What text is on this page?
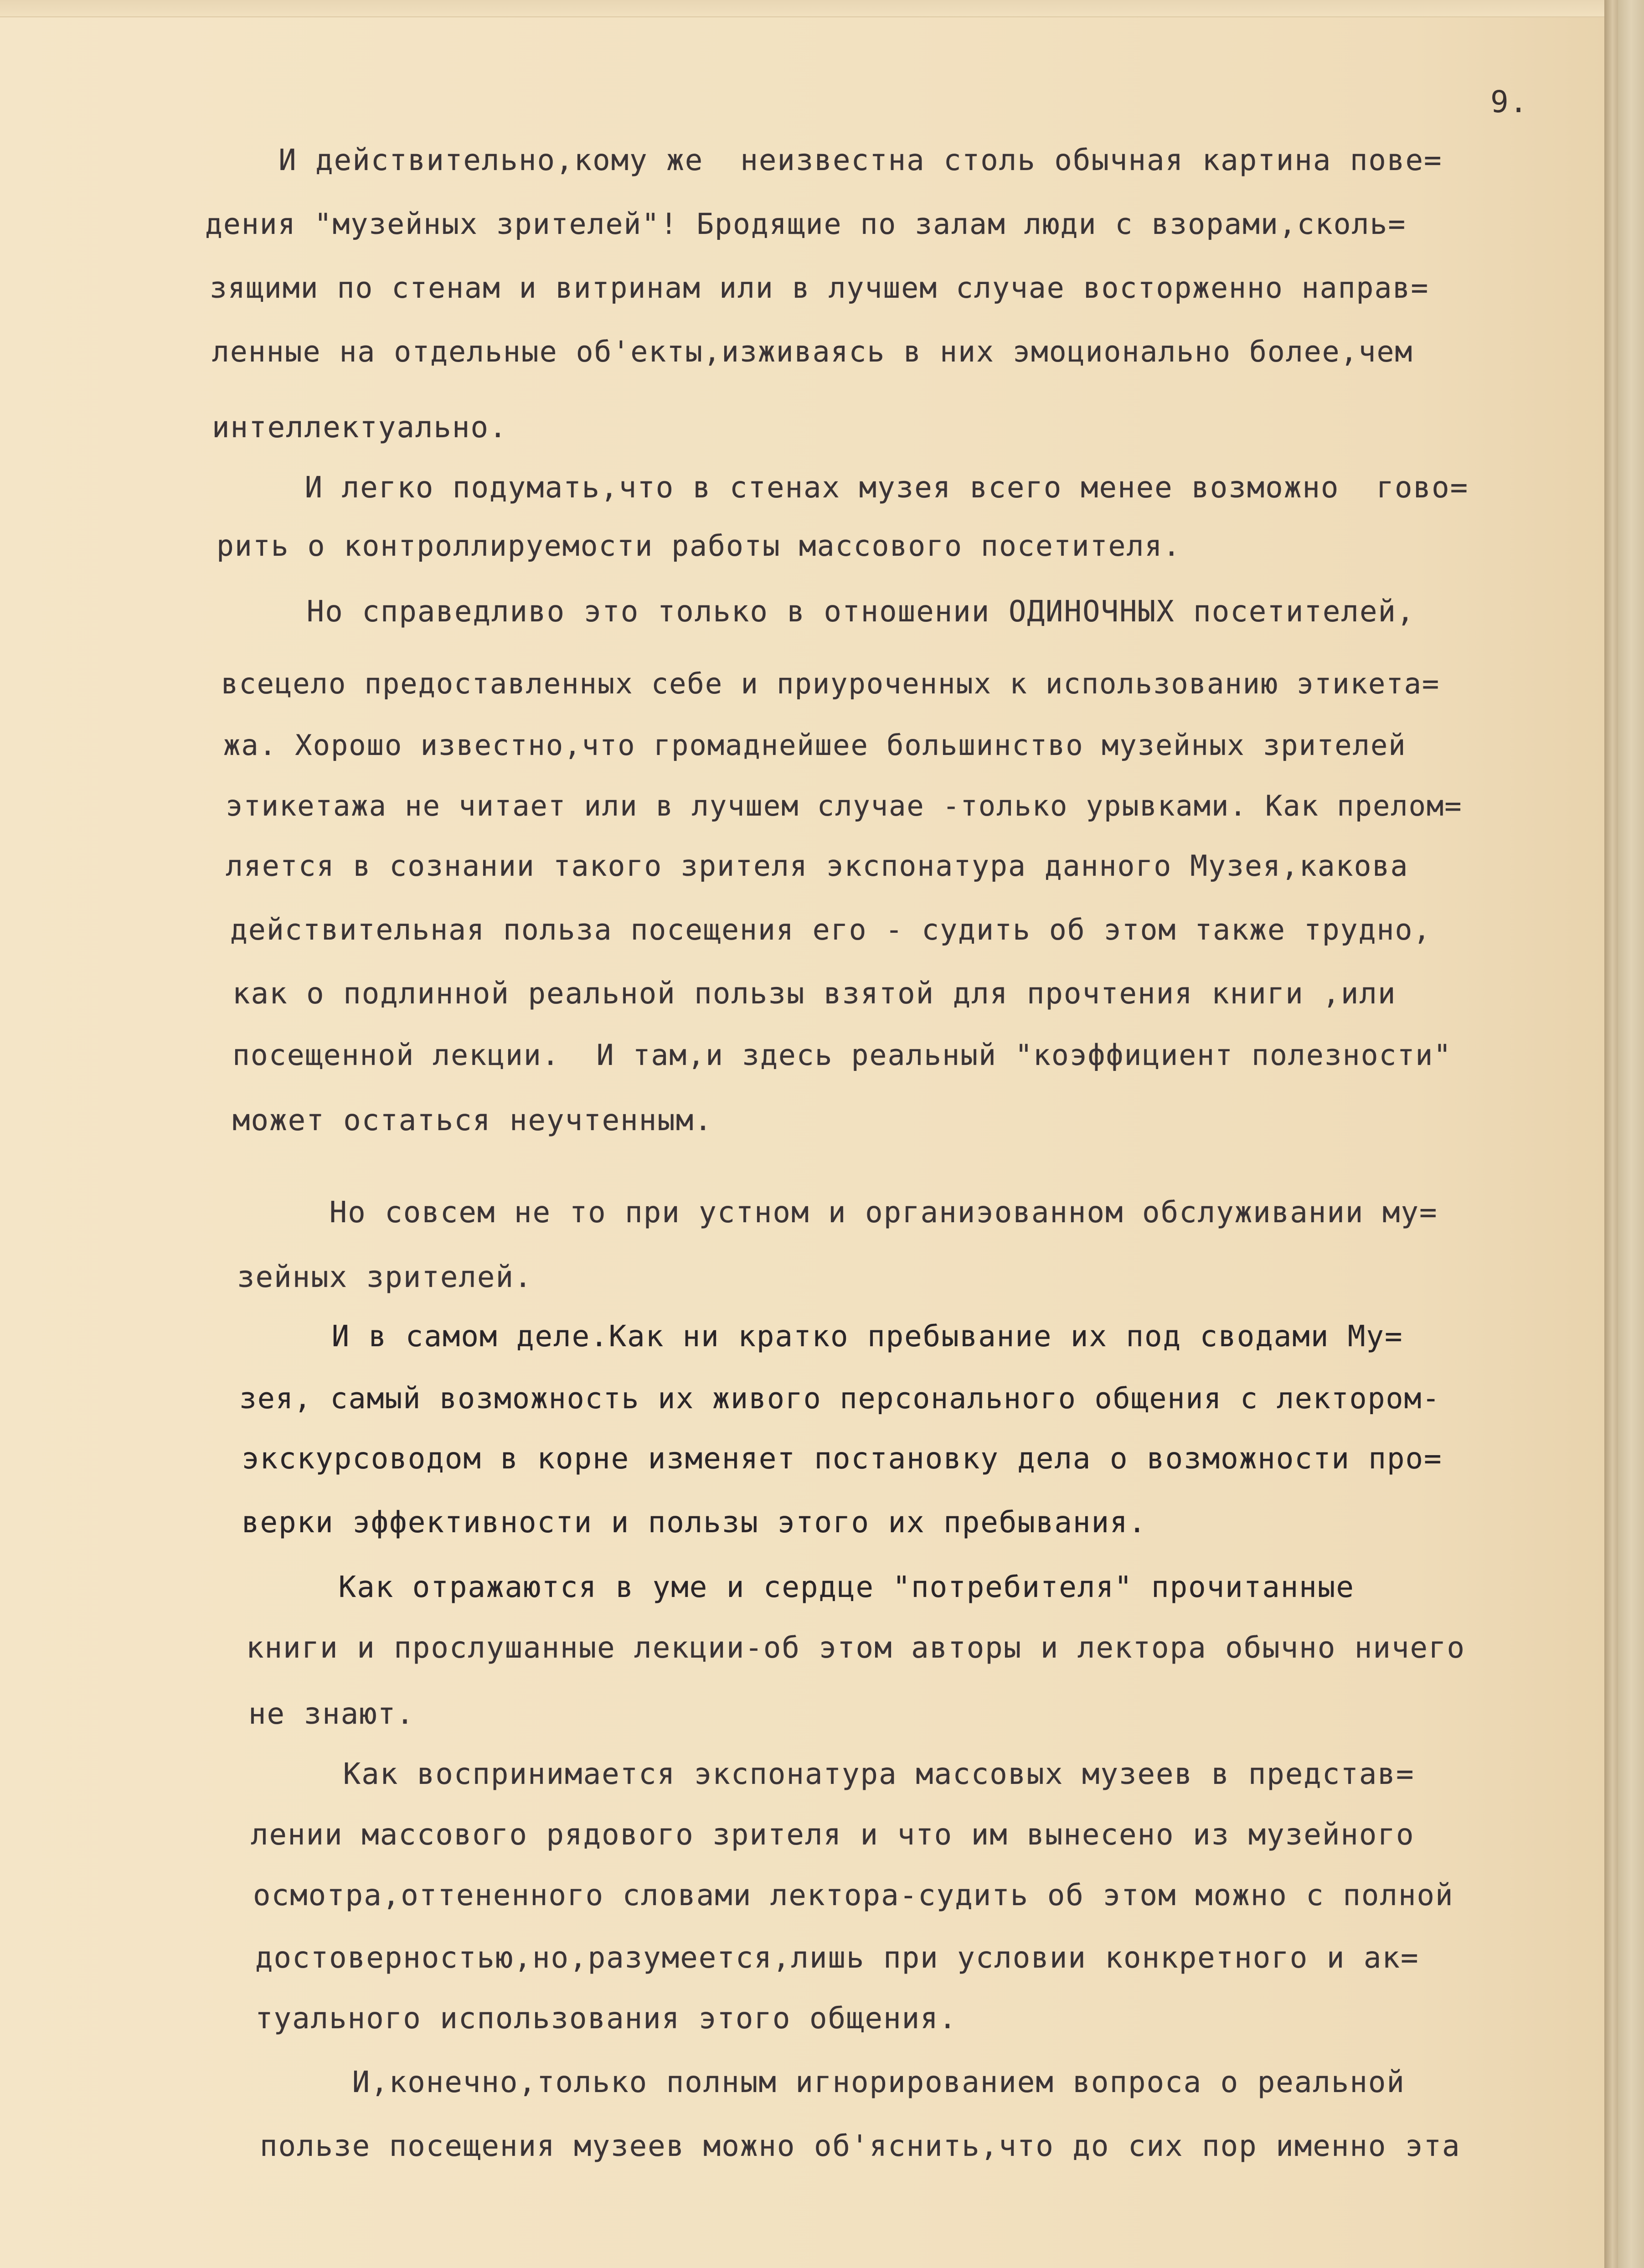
9.
И действительно,кому же  неизвестна столь обычная картина пове=
дения "музейных зрителей"! Бродящие по залам люди с взорами,сколь=
зящими по стенам и витринам или в лучшем случае восторженно направ=
ленные на отдельные об'екты,изживаясь в них эмоционально более,чем
интеллектуально.
И легко подумать,что в стенах музея всего менее возможно  гово=
рить о контроллируемости работы массового посетителя.
Но справедливо это только в отношении ОДИНОЧНЫХ посетителей,
всецело предоставленных себе и приуроченных к использованию этикета=
жа. Хорошо известно,что громаднейшее большинство музейных зрителей
этикетажа не читает или в лучшем случае -только урывками. Как прелом=
ляется в сознании такого зрителя экспонатура данного Музея,какова
действительная польза посещения его - судить об этом также трудно,
как о подлинной реальной пользы взятой для прочтения книги ,или
посещенной лекции.  И там,и здесь реальный "коэффициент полезности"
может остаться неучтенным.
Но совсем не то при устном и органиэованном обслуживании му=
зейных зрителей.
И в самом деле.Как ни кратко пребывание их под сводами Му=
зея, самый возможность их живого персонального общения с лектором-
экскурсоводом в корне изменяет постановку дела о возможности про=
верки эффективности и пользы этого их пребывания.
Как отражаются в уме и сердце "потребителя" прочитанные
книги и прослушанные лекции-об этом авторы и лектора обычно ничего
не знают.
Как воспринимается экспонатура массовых музеев в представ=
лении массового рядового зрителя и что им вынесено из музейного
осмотра,оттененного словами лектора-судить об этом можно с полной
достоверностью,но,разумеется,лишь при условии конкретного и ак=
туального использования этого общения.
И,конечно,только полным игнорированием вопроса о реальной
пользе посещения музеев можно об'яснить,что до сих пор именно эта
